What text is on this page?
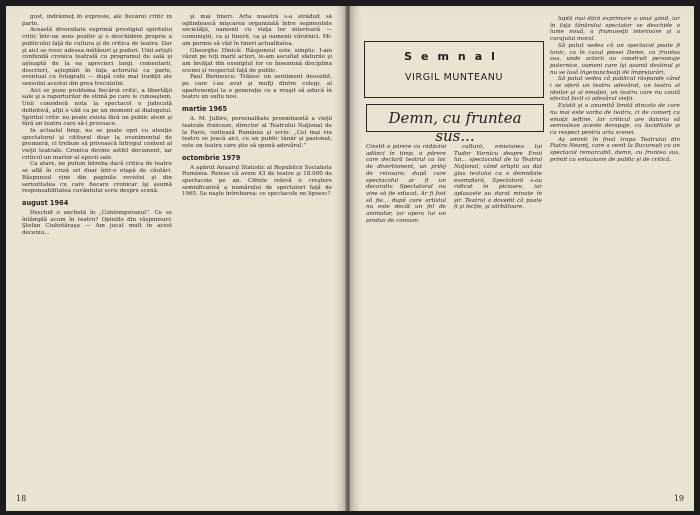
gust, îndrăzneţ în expresie, ale fiecărui critic în parte.

Această diversitate exprimă prestigiul spiritului critic într-un sens pozitiv şi o deschidere proprie a publicului faţă de cultura şi de critica de teatru. Dar şi aici se ivesc adesea mătăsuri şi pudori. Unii artişti confundă cronica teatrală cu programul de sală şi aşteaptă de la ea aprecieri largi, comentarii, descrieri, aşteptări în faţa actorului ca parte, eventual cu fotografii — după cele mai tradiţii ale sensului acestui din prea trecutului.

Aici se pune problema fiecărui critic, a libertăţii sale şi a raporturilor de stimă pe care le cunoaştem. Unii consideră nota la spectacol o judecată definitivă, alţii o văd ca pe un moment al dialogului. Spiritul critic nu poate exista fără un public atent şi fără un teatru care să-l provoace.

In actualul timp, nu se poate opri cu atenţie spectatorul şi cititorul doar la evenimentul de premieră, ci trebuie să privească întregul context al vieţii teatrale. Cronica devine astfel document, iar criticul un martor al epocii sale.

Ca atare, ne putem întreba dacă critica de teatru se află în criză ori doar într-o etapă de căutări. Răspunsul vine din paginile revistei şi din seriozitatea cu care fiecare cronicar îşi asumă responsabilitatea cuvântului scris despre scenă.

august 1964

Deschid o anchetă în „Contemporanul”. Ce se întâmplă acum în teatru? Opiniile din răspunsuri: Ştefan Ciubotăraşu — Am jucat mult în acest deceniu...

şi mai tineri. Arta noastră s-a străduit să oglindească mişcarea organizată între segmentele societăţii, oamenii cu viaţa lor interioară — comuniştii, ca şi tinerii, ca şi oamenii vârstnici. Mi-am permis să văd în tineri actualitatea.

Gheorghe Dinică: Răspunsul este simplu: I-am văzut pe toţi marii actori, le-am ascultat sfaturile şi am învăţat din exemplul lor ce înseamnă disciplina scenei şi respectul faţă de public.

Paul Berinescu: Trăiesc un sentiment deosebit, pe care l-au avut şi mulţi dintre colegi, al apartenenţei la o generaţie ce a reuşit să aducă în teatru un suflu nou.

martie 1965

A. M. Julliro, personalitate proeminentă a vieţii teatrale franceze, director al Teatrului Naţional de la Paris, vizitează România şi scrie: „Cel mai viu teatru se joacă aici, cu un public tânăr şi pasionat; este un teatru care ştie să spună adevărul.”

octombrie 1979

A apărut Anuarul Statistic al Republicii Socialiste România. Reiese că avem 43 de teatre şi 18.000 de spectacole pe an. Cifrele relevă o creştere semnificativă a numărului de spectatori faţă de 1965. Se naşte întrebarea: ce spectacole ne lipsesc?

18
Semnal
VIRGIL MUNTEANU
Demn, cu fruntea sus...

Cinstit o părere cu rădăcini adânci în timp, o părere care declară teatrul ca loc de divertisment, un prilej de relaxare; după care spectacolul ar fi un decorativ. Spectatorul nu vine să fie educat. Ar fi fost să fie... după care artistul nu este decât un fel de animator, iar opera lui un produs de consum.

cultură, emisiunea lui Tudor Vornicu despre Eroii lui... spectacolul de la Teatrul Naţional, când artiştii au dat glas textului cu o demnitate exemplară. Spectatorii s-au ridicat în picioare, iar aplauzele au durat minute în şir. Teatrul a dovedit că poate fi şi lecţie, şi sărbătoare.

luptă mai dâră exprimare a unui gând, iar în faţa tânărului spectator se deschide o lume nouă, a frumuseţii interioare şi a curajului moral.

Să putut vedea că un spectacol poate fi tonic, ca în cazul piesei Demn, cu fruntea sus, unde actorii au construit personaje puternice, oameni care îşi asumă destinul şi nu se lasă îngenuncheaţi de împrejurări.

Să putut vedea că publicul răspunde când i se oferă un teatru adevărat, un teatru al ideilor şi al emoţiei, un teatru care nu caută efectul facil ci adevărul vieţii.

Există şi o anumită limită dincolo de care nu mai este vorba de teatru, ci de comerţ cu emoţii ieftine. Iar criticul are datoria să semnaleze aceste derapaje, cu luciditate şi cu respect pentru arta scenei.

Aş aminti în final trupa Teatrului din Piatra Neamţ, care a venit la Bucureşti cu un spectacol remarcabil, demn, cu fruntea sus, primit cu entuziasm de public şi de critică.

19
